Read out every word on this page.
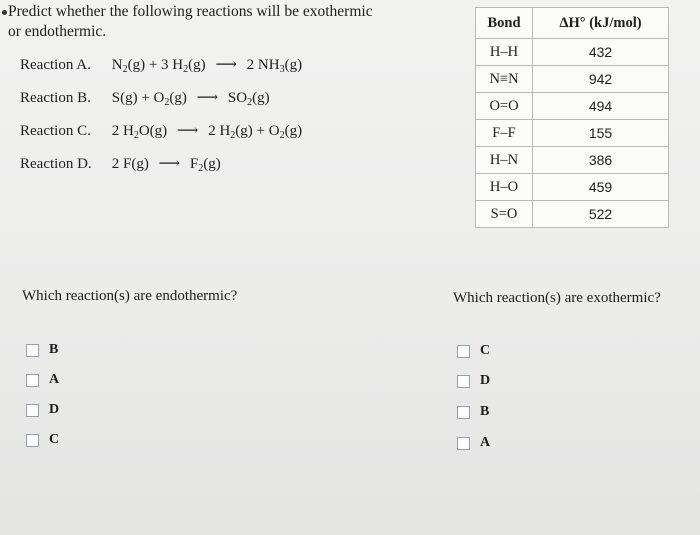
Predict whether the following reactions will be exothermic
or endothermic.
Reaction A. $N_2(g) + 3$ $H_2(g)$ ⟶ 2 $NH_3(g)$
Reaction B. $S(g) + O_2(g)$ ⟶ $SO_2(g)$
Reaction C. 2 $H_2O(g)$ ⟶ 2 $H_2(g) + O_2(g)$
Reaction D. 2 F(g) ⟶ $F_2(g)$
Bond	ΔH° (kJ/mol)
H–H	432
N≡N	942
O=O	494
F–F	155
H–N	386
H–O	459
S=O	522
Which reaction(s) are endothermic?
B
A
D
C
Which reaction(s) are exothermic?
C
D
B
A
